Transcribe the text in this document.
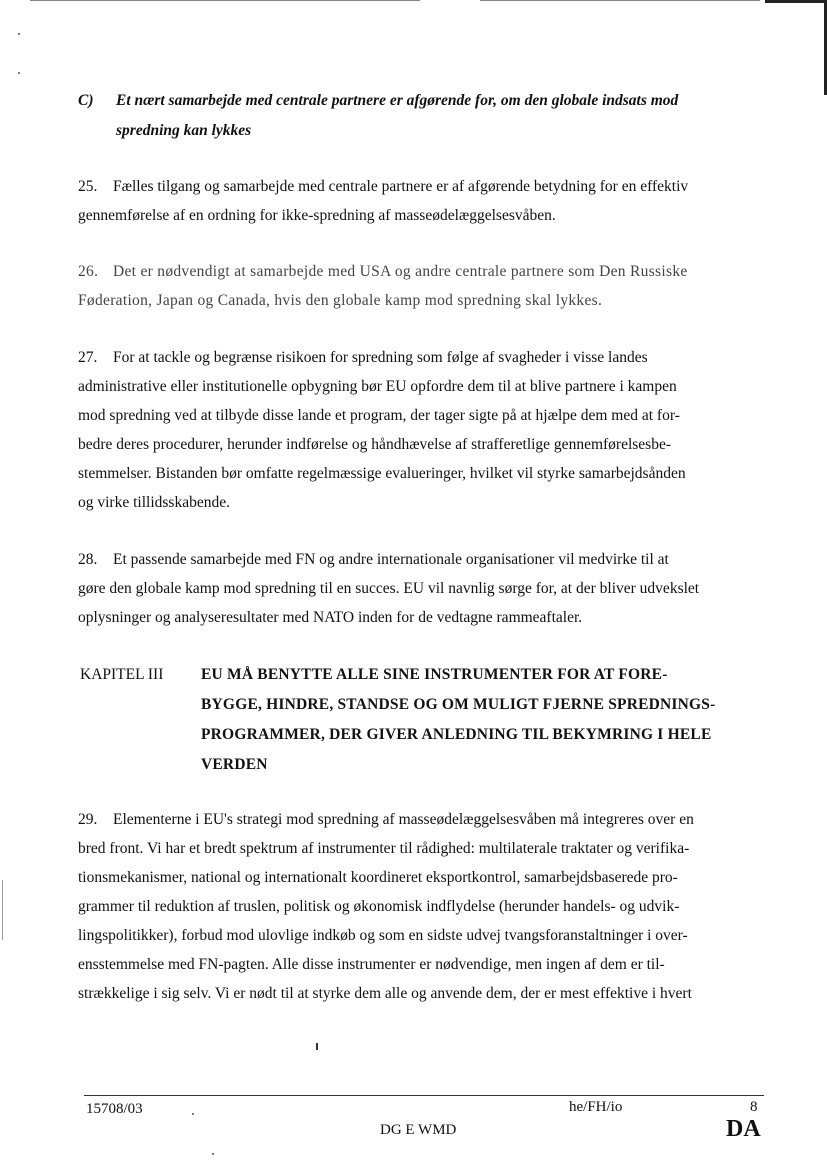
C) Et nært samarbejde med centrale partnere er afgørende for, om den globale indsats mod
spredning kan lykkes
25. Fælles tilgang og samarbejde med centrale partnere er af afgørende betydning for en effektiv
gennemførelse af en ordning for ikke-spredning af masseødelæggelsesvåben.
26. Det er nødvendigt at samarbejde med USA og andre centrale partnere som Den Russiske
Føderation, Japan og Canada, hvis den globale kamp mod spredning skal lykkes.
27. For at tackle og begrænse risikoen for spredning som følge af svagheder i visse landes
administrative eller institutionelle opbygning bør EU opfordre dem til at blive partnere i kampen
mod spredning ved at tilbyde disse lande et program, der tager sigte på at hjælpe dem med at for-
bedre deres procedurer, herunder indførelse og håndhævelse af strafferetlige gennemførelsesbe-
stemmelser. Bistanden bør omfatte regelmæssige evalueringer, hvilket vil styrke samarbejdsånden
og virke tillidsskabende.
28. Et passende samarbejde med FN og andre internationale organisationer vil medvirke til at
gøre den globale kamp mod spredning til en succes. EU vil navnlig sørge for, at der bliver udvekslet
oplysninger og analyseresultater med NATO inden for de vedtagne rammeaftaler.
KAPITEL III	EU MÅ BENYTTE ALLE SINE INSTRUMENTER FOR AT FORE-
BYGGE, HINDRE, STANDSE OG OM MULIGT FJERNE SPREDNINGS-
PROGRAMMER, DER GIVER ANLEDNING TIL BEKYMRING I HELE
VERDEN
29. Elementerne i EU's strategi mod spredning af masseødelæggelsesvåben må integreres over en
bred front. Vi har et bredt spektrum af instrumenter til rådighed: multilaterale traktater og verifika-
tionsmekanismer, national og internationalt koordineret eksportkontrol, samarbejdsbaserede pro-
grammer til reduktion af truslen, politisk og økonomisk indflydelse (herunder handels- og udvik-
lingspolitikker), forbud mod ulovlige indkøb og som en sidste udvej tvangsforanstaltninger i over-
ensstemmelse med FN-pagten. Alle disse instrumenter er nødvendige, men ingen af dem er til-
strækkelige i sig selv. Vi er nødt til at styrke dem alle og anvende dem, der er mest effektive i hvert
15708/03	he/FH/io	8
DG E WMD	DA
